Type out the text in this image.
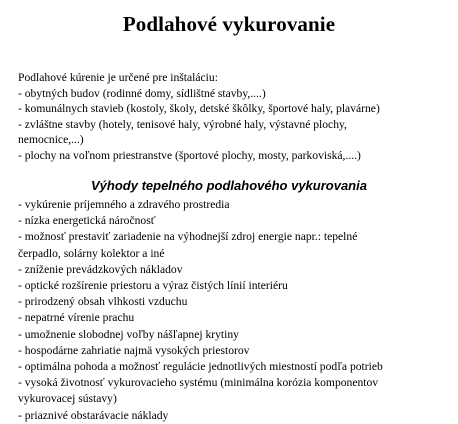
Podlahové vykurovanie
Podlahové kúrenie je určené pre inštaláciu:
- obytných budov (rodinné domy, sídlištné stavby,....)
- komunálnych stavieb (kostoly, školy, detské škôlky, športové haly, plavárne)
- zvláštne stavby (hotely, tenisové haly, výrobné haly, výstavné plochy,
nemocnice,...)
- plochy na voľnom priestranstve (športové plochy, mosty, parkoviská,....)
Výhody tepelného podlahového vykurovania
- vykúrenie príjemného a zdravého prostredia
- nízka energetická náročnosť
- možnosť prestaviť zariadenie na výhodnejší zdroj energie napr.: tepelné
čerpadlo, solárny kolektor a iné
- zníženie prevádzkových nákladov
- optické rozšírenie priestoru a výraz čistých línií interiéru
- prirodzený obsah vlhkosti vzduchu
- nepatrné vírenie prachu
- umožnenie slobodnej voľby nášľapnej krytiny
- hospodárne zahriatie najmä vysokých priestorov
- optimálna pohoda a možnosť regulácie jednotlivých miestností podľa potrieb
- vysoká životnosť vykurovacieho systému (minimálna korózia komponentov
vykurovacej sústavy)
- priaznivé obstarávacie náklady
